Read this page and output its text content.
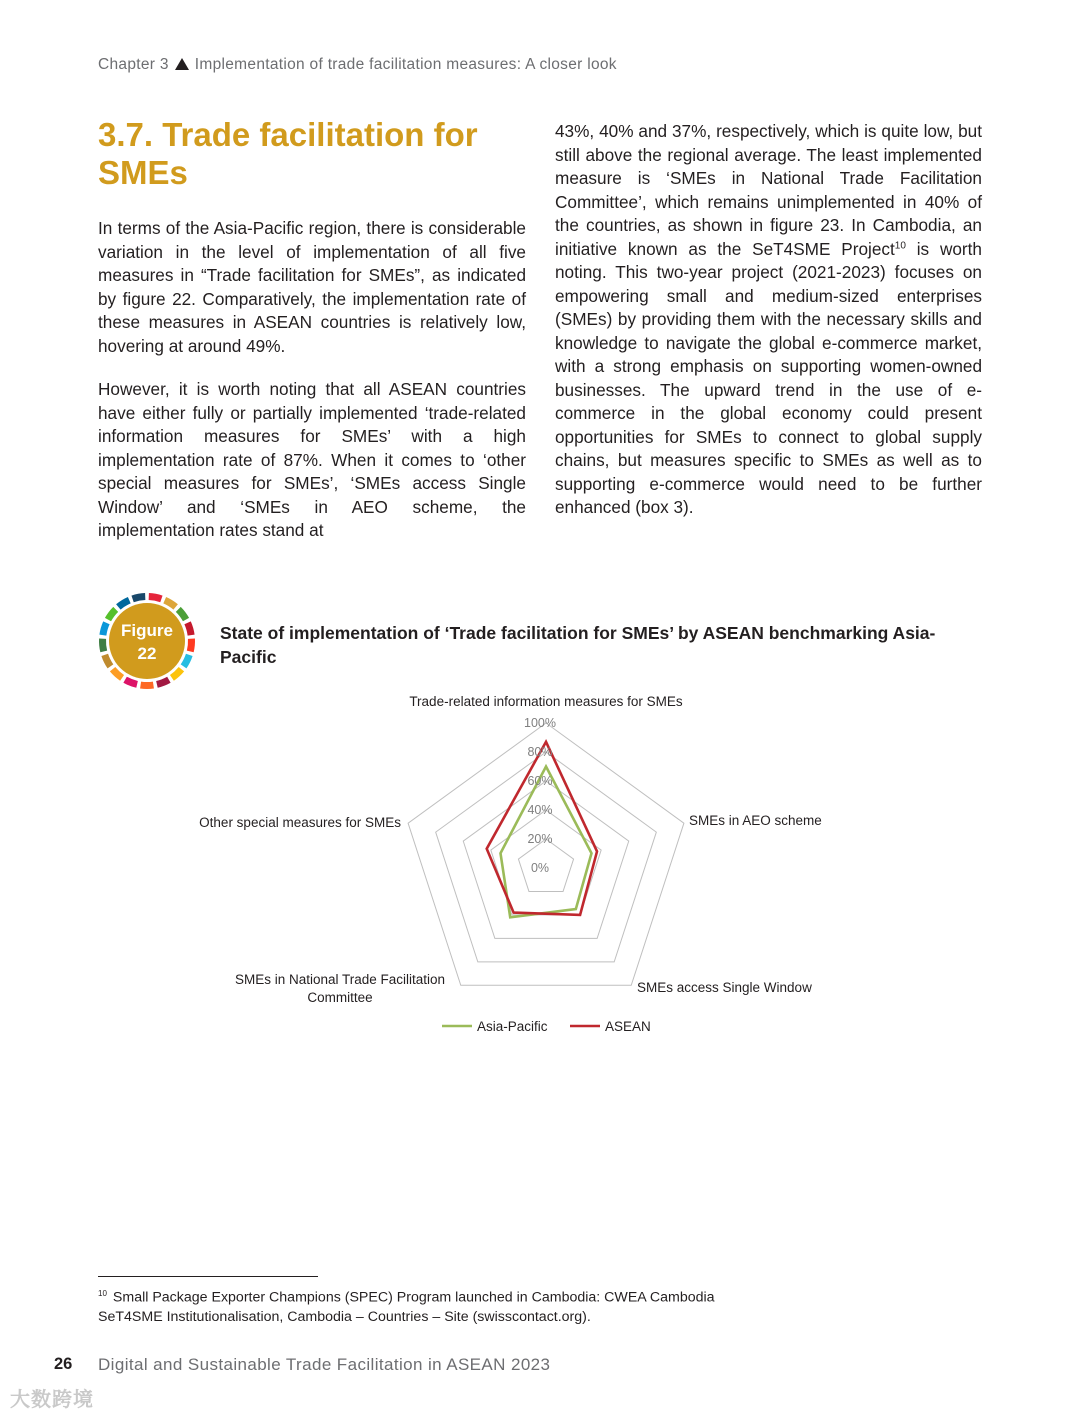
Chapter 3 Implementation of trade facilitation measures: A closer look
3.7. Trade facilitation for SMEs

In terms of the Asia-Pacific region, there is considerable variation in the level of implementation of all five measures in “Trade facilitation for SMEs”, as indicated by figure 22. Comparatively, the implementation rate of these measures in ASEAN countries is relatively low, hovering at around 49%.

However, it is worth noting that all ASEAN countries have either fully or partially implemented ‘trade-related information measures for SMEs’ with a high implementation rate of 87%. When it comes to ‘other special measures for SMEs’, ‘SMEs access Single Window’ and ‘SMEs in AEO scheme, the implementation rates stand at

43%, 40% and 37%, respectively, which is quite low, but still above the regional average. The least implemented measure is ‘SMEs in National Trade Facilitation Committee’, which remains unimplemented in 40% of the countries, as shown in figure 23. In Cambodia, an initiative known as the SeT4SME Project$^{10}$ is worth noting. This two-year project (2021-2023) focuses on empowering small and medium-sized enterprises (SMEs) by providing them with the necessary skills and knowledge to navigate the global e-commerce market, with a strong emphasis on supporting women-owned businesses. The upward trend in the use of e-commerce in the global economy could present opportunities for SMEs to connect to global supply chains, but measures specific to SMEs as well as to supporting e-commerce would need to be further enhanced (box 3).

Figure
22
State of implementation of ‘Trade facilitation for SMEs’ by ASEAN benchmarking Asia-Pacific
0%
20%
40%
60%
80%
100%
Trade-related information measures for SMEs
SMEs in AEO scheme
SMEs access Single Window
SMEs in National Trade Facilitation
Committee
Other special measures for SMEs
Asia-Pacific	ASEAN
$^{10}$ Small Package Exporter Champions (SPEC) Program launched in Cambodia: CWEA Cambodia
SeT4SME Institutionalisation, Cambodia – Countries – Site (swisscontact.org).
26 Digital and Sustainable Trade Facilitation in ASEAN 2023
大数跨境
